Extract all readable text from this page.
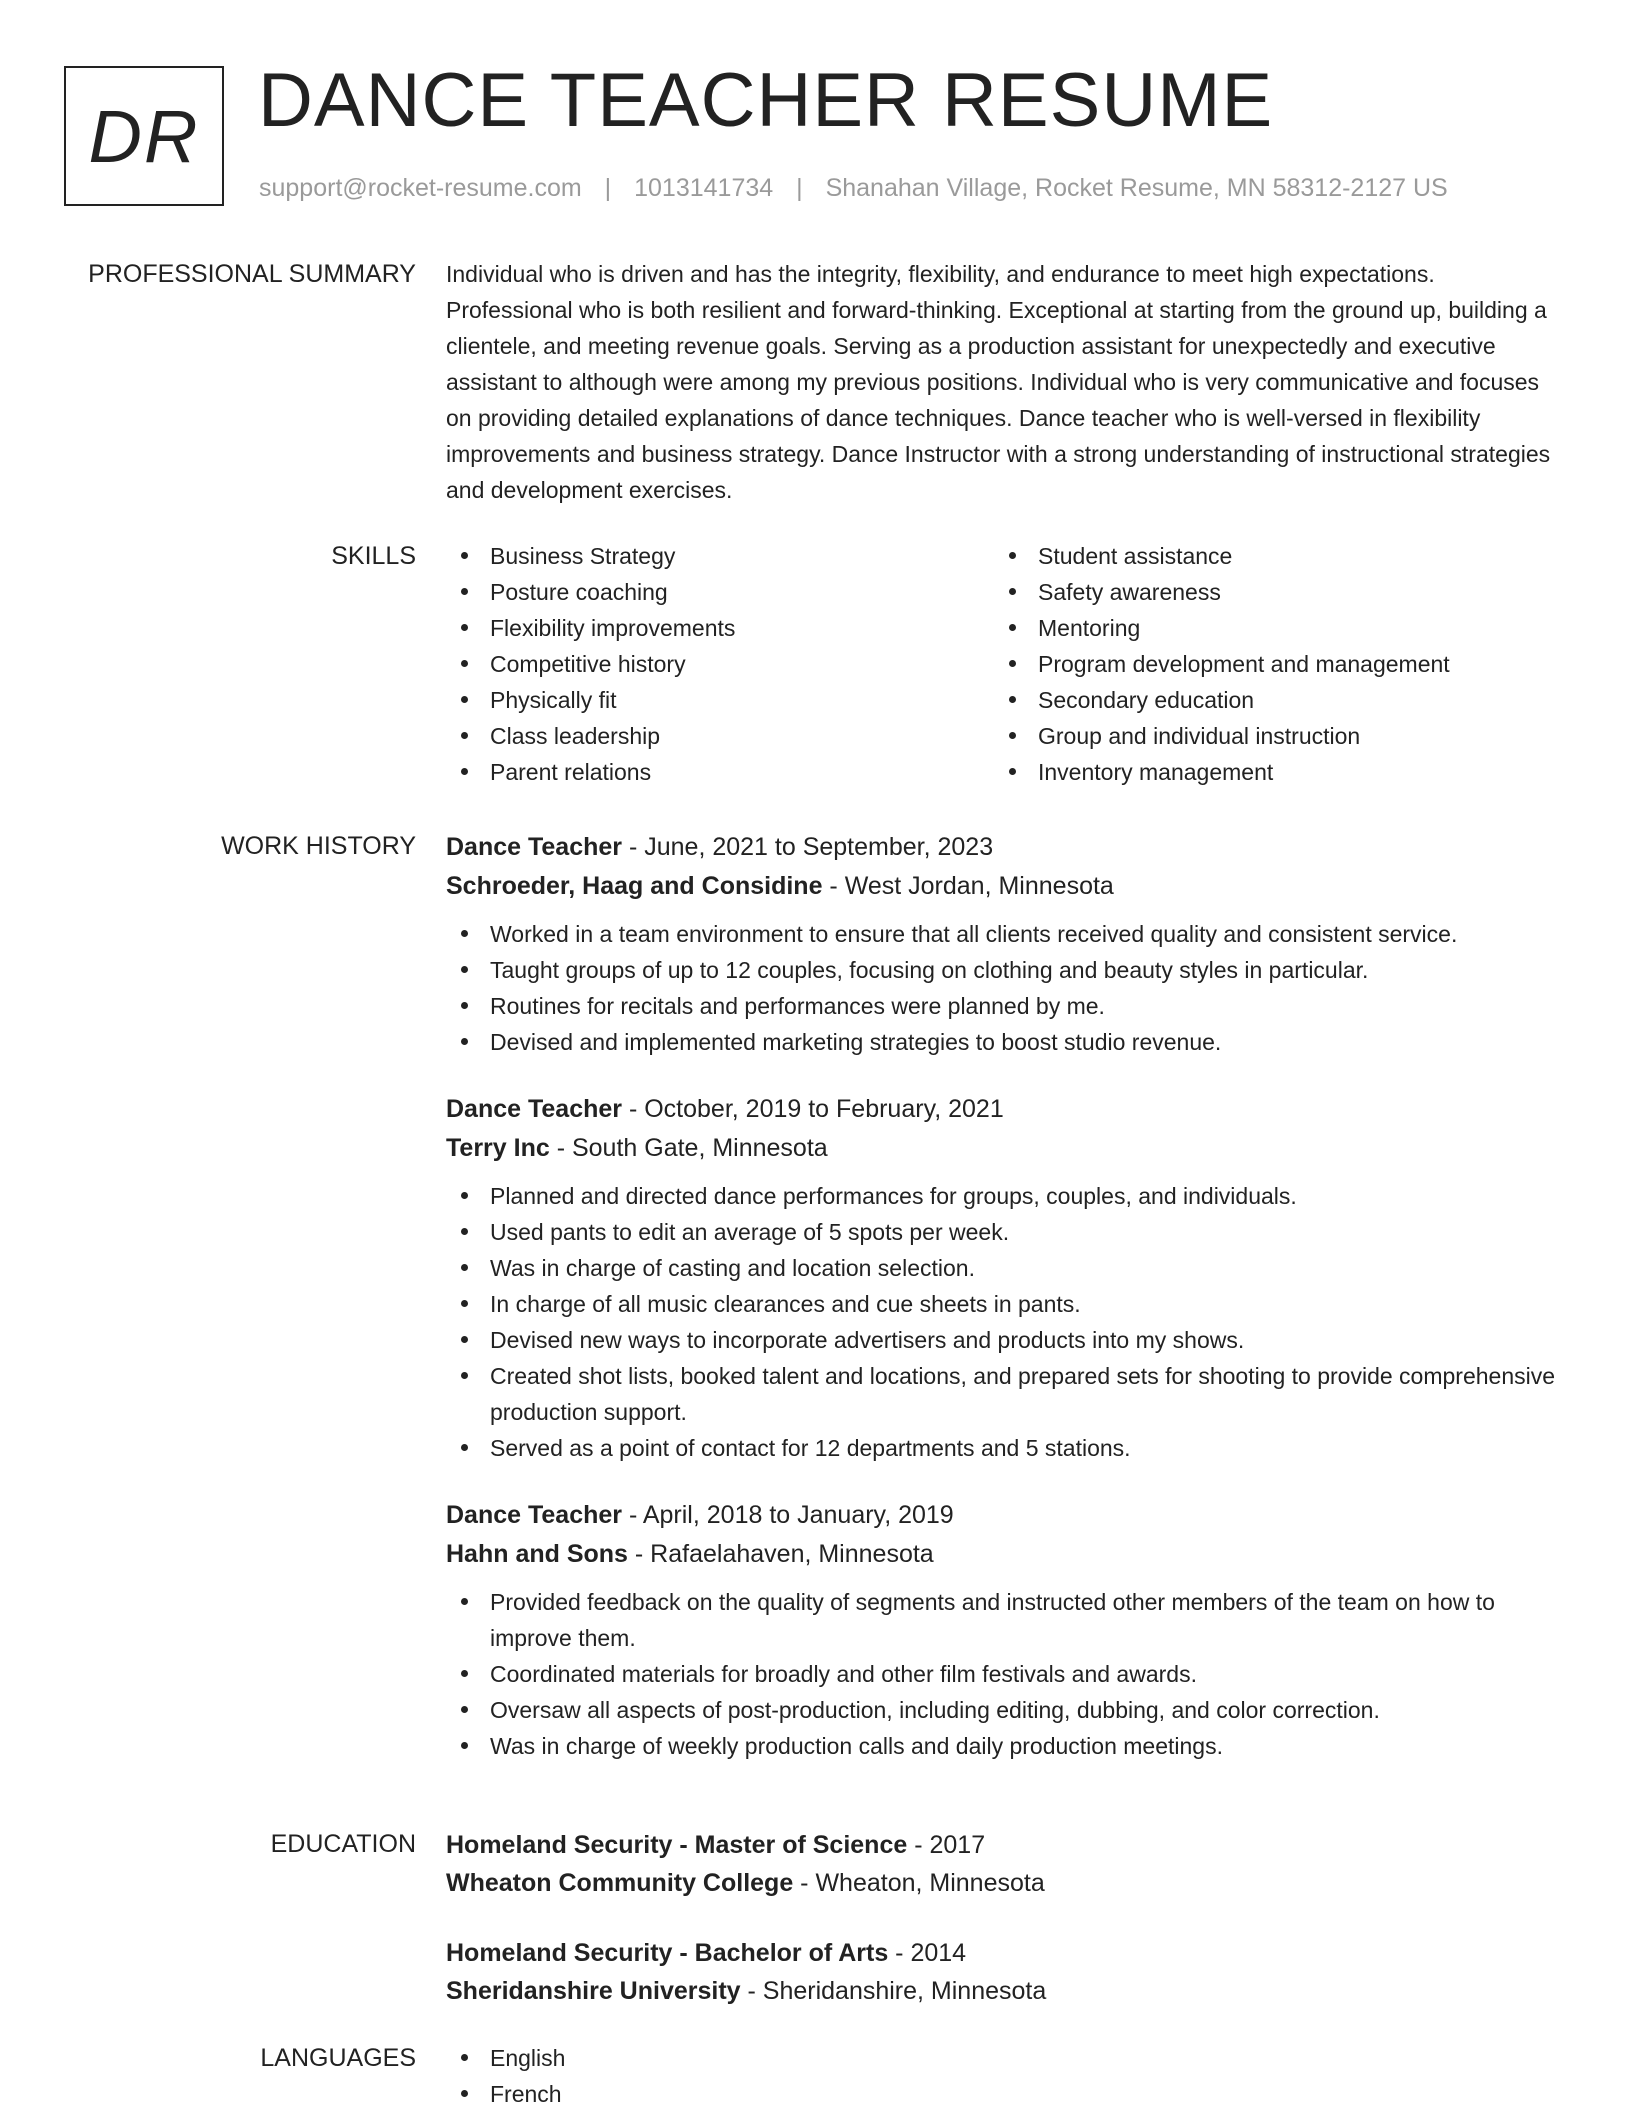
DR DANCE TEACHER RESUME
support@rocket-resume.com | 1013141734 | Shanahan Village, Rocket Resume, MN 58312-2127 US
PROFESSIONAL SUMMARY Individual who is driven and has the integrity, flexibility, and endurance to meet high expectations. Professional who is both resilient and forward-thinking. Exceptional at starting from the ground up, building a clientele, and meeting revenue goals. Serving as a production assistant for unexpectedly and executive assistant to although were among my previous positions. Individual who is very communicative and focuses on providing detailed explanations of dance techniques. Dance teacher who is well-versed in flexibility improvements and business strategy. Dance Instructor with a strong understanding of instructional strategies and development exercises.
SKILLS	Business Strategy
Posture coaching
Flexibility improvements
Competitive history
Physically fit
Class leadership
Parent relations
Student assistance
Safety awareness
Mentoring
Program development and management
Secondary education
Group and individual instruction
Inventory management
WORK HISTORY Dance Teacher - June, 2021 to September, 2023
Schroeder, Haag and Considine - West Jordan, Minnesota
Worked in a team environment to ensure that all clients received quality and consistent service.
Taught groups of up to 12 couples, focusing on clothing and beauty styles in particular.
Routines for recitals and performances were planned by me.
Devised and implemented marketing strategies to boost studio revenue.
Dance Teacher - October, 2019 to February, 2021
Terry Inc - South Gate, Minnesota
Planned and directed dance performances for groups, couples, and individuals.
Used pants to edit an average of 5 spots per week.
Was in charge of casting and location selection.
In charge of all music clearances and cue sheets in pants.
Devised new ways to incorporate advertisers and products into my shows.
Created shot lists, booked talent and locations, and prepared sets for shooting to provide comprehensive production support.
Served as a point of contact for 12 departments and 5 stations.
Dance Teacher - April, 2018 to January, 2019
Hahn and Sons - Rafaelahaven, Minnesota
Provided feedback on the quality of segments and instructed other members of the team on how to improve them.
Coordinated materials for broadly and other film festivals and awards.
Oversaw all aspects of post-production, including editing, dubbing, and color correction.
Was in charge of weekly production calls and daily production meetings.
EDUCATION Homeland Security - Master of Science - 2017
Wheaton Community College - Wheaton, Minnesota
Homeland Security - Bachelor of Arts - 2014
Sheridanshire University - Sheridanshire, Minnesota
LANGUAGES	English
French
